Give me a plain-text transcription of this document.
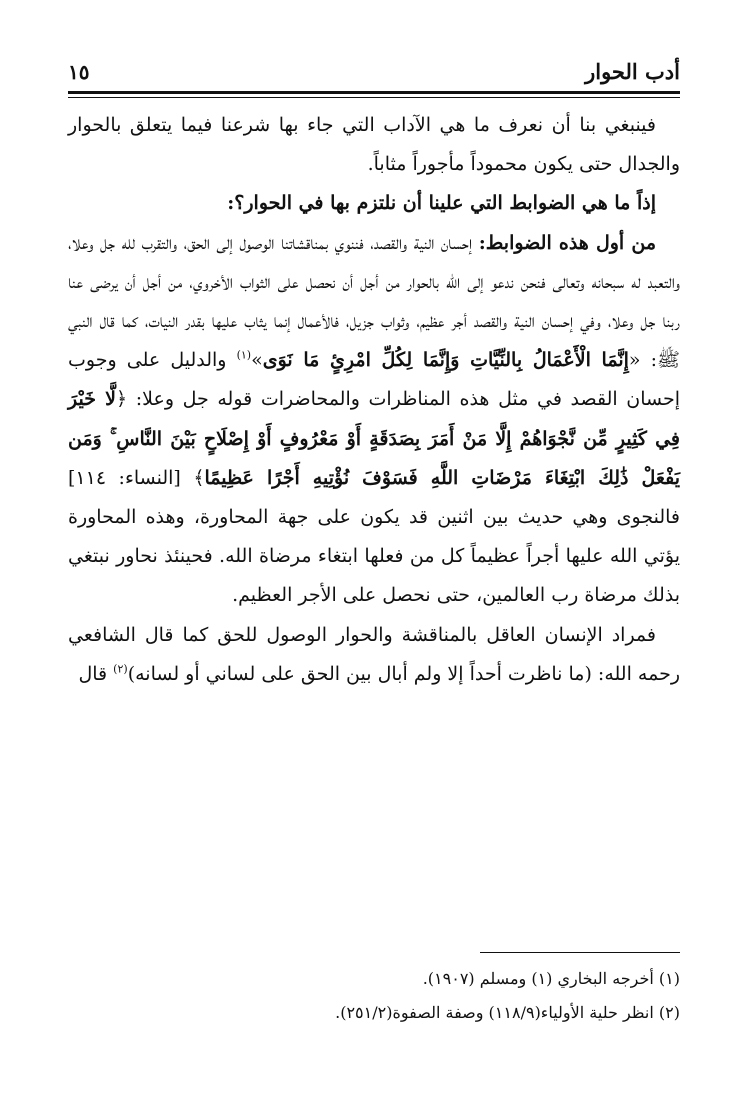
أدب الحوار
١٥

فينبغي بنا أن نعرف ما هي الآداب التي جاء بها شرعنا فيما يتعلق بالحوار والجدال حتى يكون محموداً مأجوراً مثاباً.

إذاً ما هي الضوابط التي علينا أن نلتزم بها في الحوار؟:

من أول هذه الضوابط: إحسان النية والقصد، فننوي بمناقشاتنا الوصول إلى الحق، والتقرب لله جل وعلا، والتعبد له سبحانه وتعالى فنحن ندعو إلى الله بالحوار من أجل أن نحصل على الثواب الأخروي، من أجل أن يرضى عنا ربنا جل وعلا، وفي إحسان النية والقصد أجر عظيم، وثواب جزيل، فالأعمال إنما يثاب عليها بقدر النيات، كما قال النبي ﷺ: «إِنَّمَا الْأَعْمَالُ بِالنِّيَّاتِ وَإِنَّمَا لِكُلِّ امْرِئٍ مَا نَوَى»$^{(١)}$ والدليل على وجوب إحسان القصد في مثل هذه المناظرات والمحاضرات قوله جل وعلا: ﴿لَّا خَيْرَ فِي كَثِيرٍ مِّن نَّجْوَاهُمْ إِلَّا مَنْ أَمَرَ بِصَدَقَةٍ أَوْ مَعْرُوفٍ أَوْ إِصْلَاحٍ بَيْنَ النَّاسِ ۚ وَمَن يَفْعَلْ ذَٰلِكَ ابْتِغَاءَ مَرْضَاتِ اللَّهِ فَسَوْفَ نُؤْتِيهِ أَجْرًا عَظِيمًا﴾ [النساء: ١١٤] فالنجوى وهي حديث بين اثنين قد يكون على جهة المحاورة، وهذه المحاورة يؤتي الله عليها أجراً عظيماً كل من فعلها ابتغاء مرضاة الله. فحينئذ نحاور نبتغي بذلك مرضاة رب العالمين، حتى نحصل على الأجر العظيم.

فمراد الإنسان العاقل بالمناقشة والحوار الوصول للحق كما قال الشافعي رحمه الله: (ما ناظرت أحداً إلا ولم أبال بين الحق على لساني أو لسانه)$^{(٢)}$ قال

(١) أخرجه البخاري (١) ومسلم (١٩٠٧).

(٢) انظر حلية الأولياء(١١٨/٩) وصفة الصفوة(٢٥١/٢).
